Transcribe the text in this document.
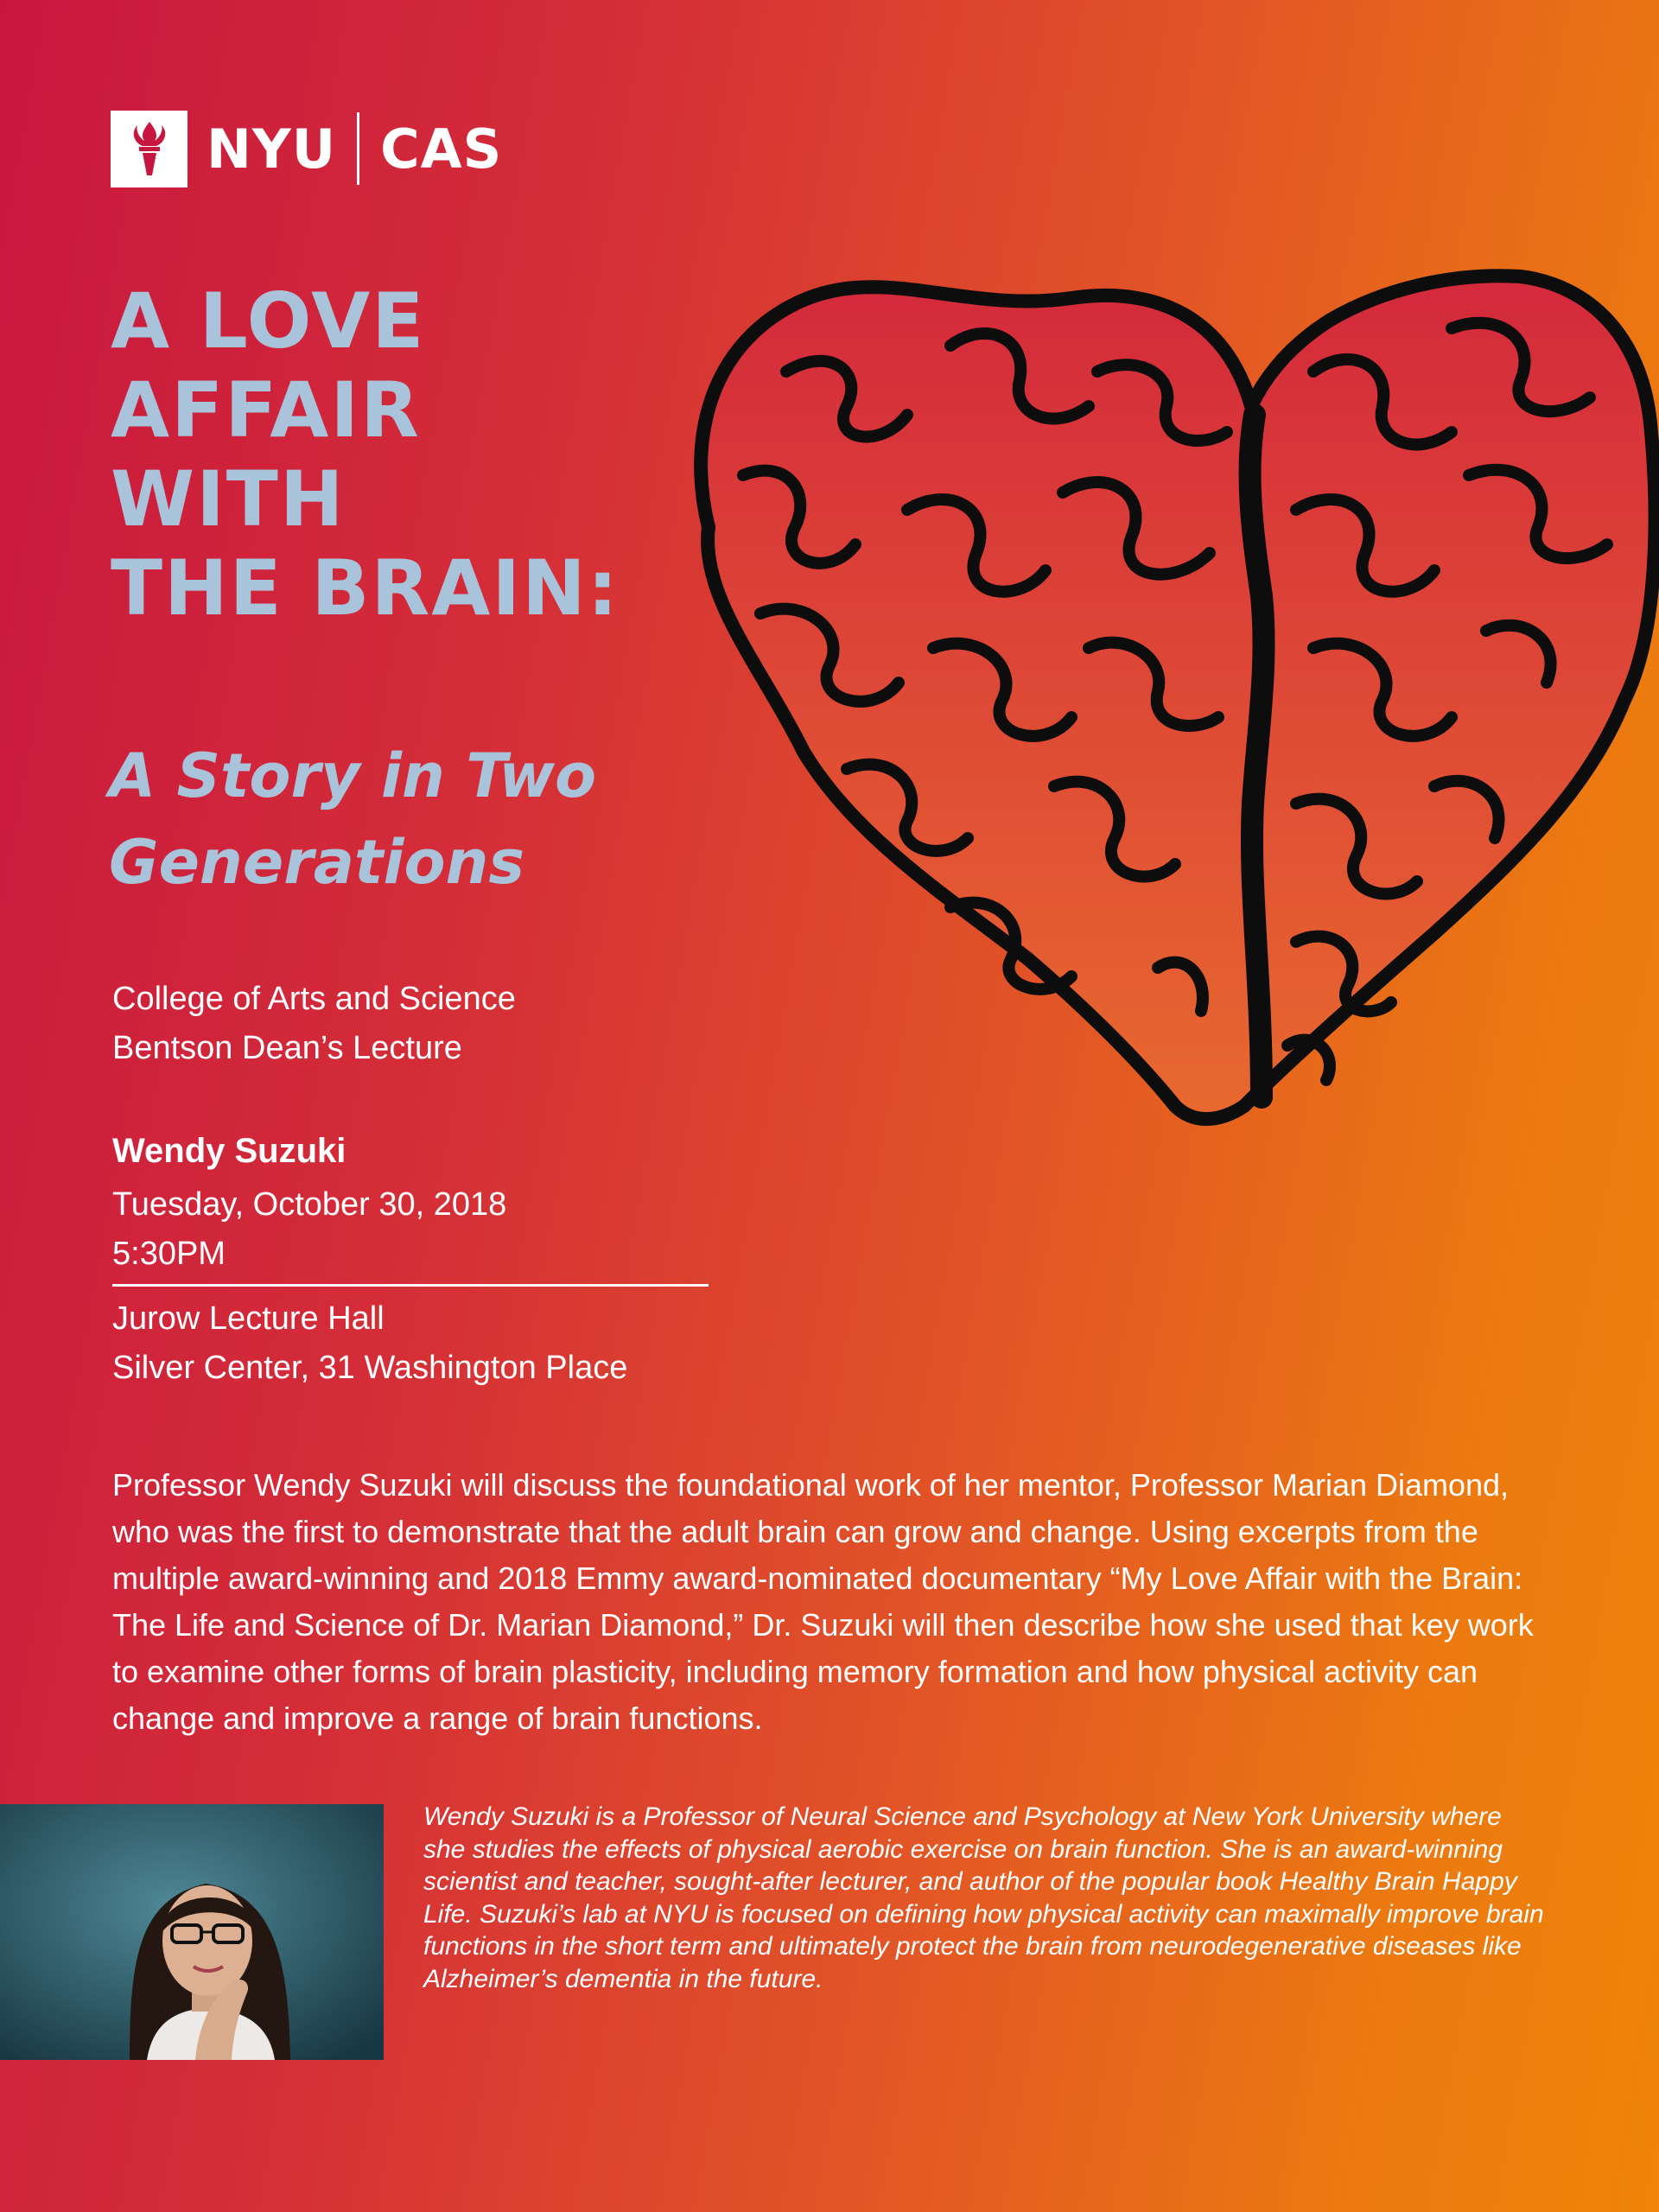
NYU CAS
A LOVE
AFFAIR
WITH
THE BRAIN:
A Story in Two
Generations
College of Arts and Science
Bentson Dean’s Lecture
Wendy Suzuki
Tuesday, October 30, 2018
5:30PM
Jurow Lecture Hall
Silver Center, 31 Washington Place

Professor Wendy Suzuki will discuss the foundational work of her mentor, Professor Marian Diamond, who was the first to demonstrate that the adult brain can grow and change. Using excerpts from the multiple award-winning and 2018 Emmy award-nominated documentary “My Love Affair with the Brain: The Life and Science of Dr. Marian Diamond,” Dr. Suzuki will then describe how she used that key work to examine other forms of brain plasticity, including memory formation and how physical activity can change and improve a range of brain functions.

Wendy Suzuki is a Professor of Neural Science and Psychology at New York University where she studies the effects of physical aerobic exercise on brain function. She is an award-winning scientist and teacher, sought-after lecturer, and author of the popular book Healthy Brain Happy Life. Suzuki’s lab at NYU is focused on defining how physical activity can maximally improve brain functions in the short term and ultimately protect the brain from neurodegenerative diseases like Alzheimer’s dementia in the future.
